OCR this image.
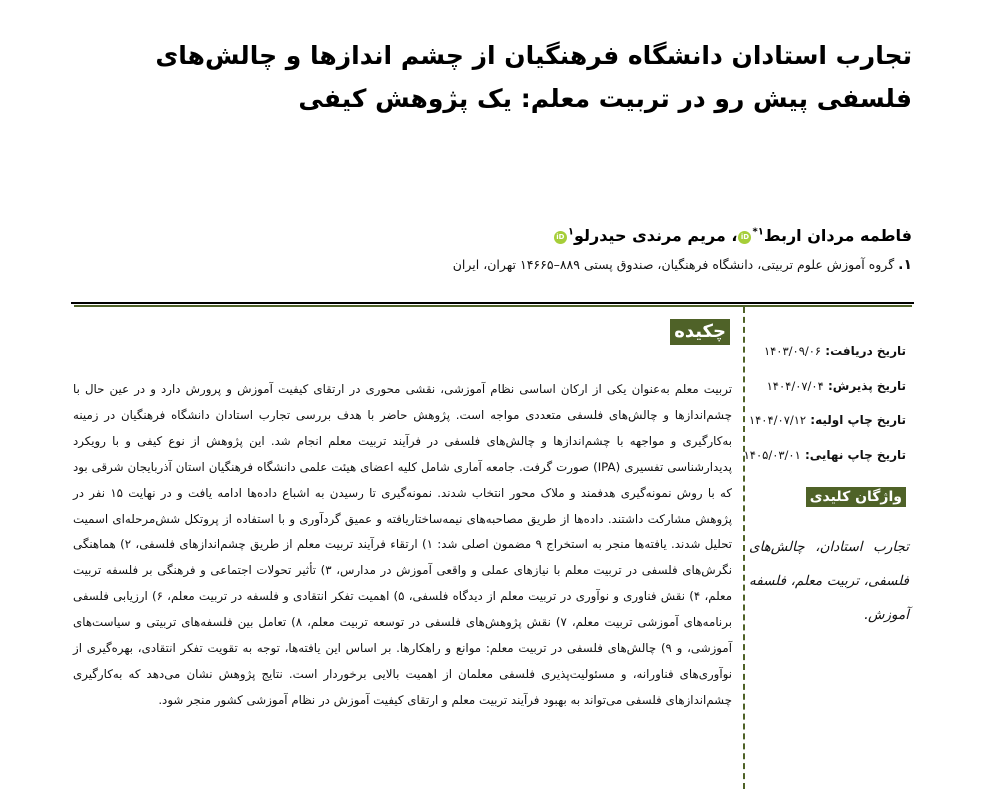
تجارب استادان دانشگاه فرهنگیان از چشم اندازها و چالش‌های فلسفی پیش رو در تربیت معلم: یک پژوهش کیفی
فاطمه مردان اربط$^{۱*}$iD، مریم مرندی حیدرلو$^۱$iD
۱. گروه آموزش علوم تربیتی، دانشگاه فرهنگیان، صندوق پستی ۸۸۹–۱۴۶۶۵ تهران، ایران

تاریخ دریافت: ۱۴۰۳/۰۹/۰۶

تاریخ پذیرش: ۱۴۰۴/۰۷/۰۴

تاریخ چاپ اولیه: ۱۴۰۴/۰۷/۱۲

تاریخ چاپ نهایی: ۱۴۰۵/۰۳/۰۱

واژگان کلیدی
تجارب استادان، چالش‌های فلسفی، تربیت معلم، فلسفه آموزش.
چکیده

تربیت معلم به‌عنوان یکی از ارکان اساسی نظام آموزشی، نقشی محوری در ارتقای کیفیت آموزش و پرورش دارد و در عین حال با چشم‌اندازها و چالش‌های فلسفی متعددی مواجه است. پژوهش حاضر با هدف بررسی تجارب استادان دانشگاه فرهنگیان در زمینه به‌کارگیری و مواجهه با چشم‌اندازها و چالش‌های فلسفی در فرآیند تربیت معلم انجام شد. این پژوهش از نوع کیفی و با رویکرد پدیدارشناسی تفسیری (IPA) صورت گرفت. جامعه آماری شامل کلیه اعضای هیئت علمی دانشگاه فرهنگیان استان آذربایجان شرقی بود که با روش نمونه‌گیری هدفمند و ملاک محور انتخاب شدند. نمونه‌گیری تا رسیدن به اشباع داده‌ها ادامه یافت و در نهایت ۱۵ نفر در پژوهش مشارکت داشتند. داده‌ها از طریق مصاحبه‌های نیمه‌ساختاریافته و عمیق گردآوری و با استفاده از پروتکل شش‌مرحله‌ای اسمیت تحلیل شدند. یافته‌ها منجر به استخراج ۹ مضمون اصلی شد: ۱) ارتقاء فرآیند تربیت معلم از طریق چشم‌اندازهای فلسفی، ۲) هماهنگی نگرش‌های فلسفی در تربیت معلم با نیازهای عملی و واقعی آموزش در مدارس، ۳) تأثیر تحولات اجتماعی و فرهنگی بر فلسفه تربیت معلم، ۴) نقش فناوری و نوآوری در تربیت معلم از دیدگاه فلسفی، ۵) اهمیت تفکر انتقادی و فلسفه در تربیت معلم، ۶) ارزیابی فلسفی برنامه‌های آموزشی تربیت معلم، ۷) نقش پژوهش‌های فلسفی در توسعه تربیت معلم، ۸) تعامل بین فلسفه‌های تربیتی و سیاست‌های آموزشی، و ۹) چالش‌های فلسفی در تربیت معلم: موانع و راهکارها. بر اساس این یافته‌ها، توجه به تقویت تفکر انتقادی، بهره‌گیری از نوآوری‌های فناورانه، و مسئولیت‌پذیری فلسفی معلمان از اهمیت بالایی برخوردار است. نتایج پژوهش نشان می‌دهد که به‌کارگیری چشم‌اندازهای فلسفی می‌تواند به بهبود فرآیند تربیت معلم و ارتقای کیفیت آموزش در نظام آموزشی کشور منجر شود.
